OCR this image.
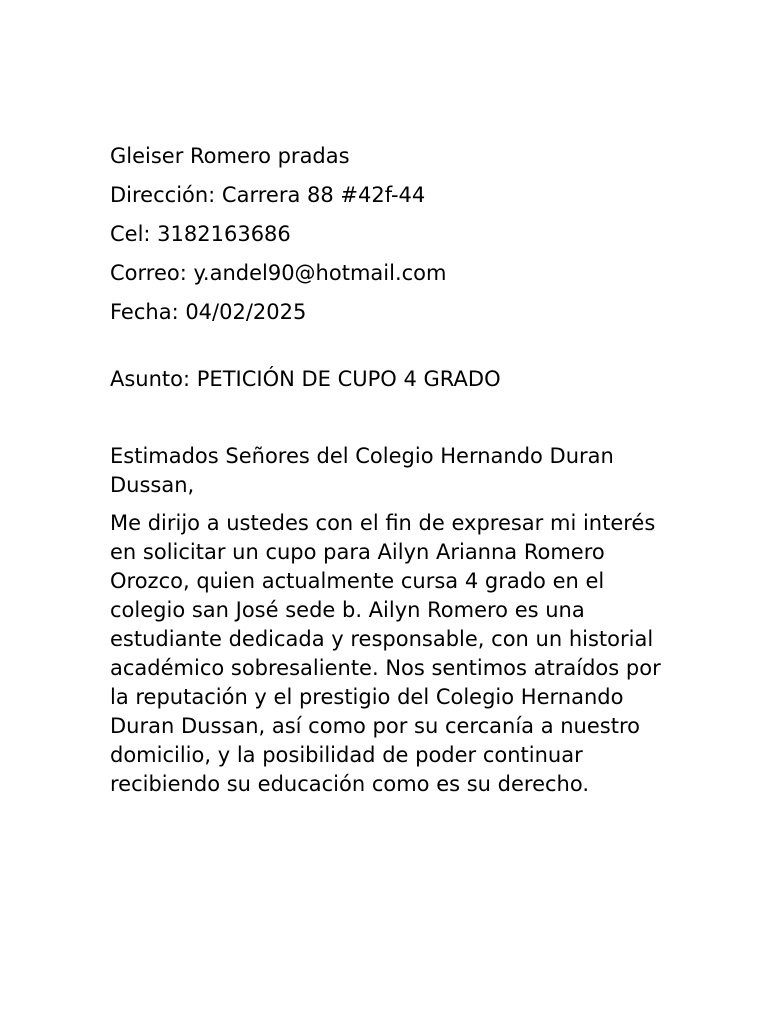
Gleiser Romero pradas
Dirección: Carrera 88 #42f-44
Cel: 3182163686
Correo: y.andel90@hotmail.com
Fecha: 04/02/2025
Asunto: PETICIÓN DE CUPO 4 GRADO
Estimados Señores del Colegio Hernando Duran Dussan,
Me dirijo a ustedes con el fin de expresar mi interés en solicitar un cupo para Ailyn Arianna Romero Orozco, quien actualmente cursa 4 grado en el colegio san José sede b. Ailyn Romero es una estudiante dedicada y responsable, con un historial académico sobresaliente. Nos sentimos atraídos por la reputación y el prestigio del Colegio Hernando Duran Dussan, así como por su cercanía a nuestro domicilio, y la posibilidad de poder continuar recibiendo su educación como es su derecho.
